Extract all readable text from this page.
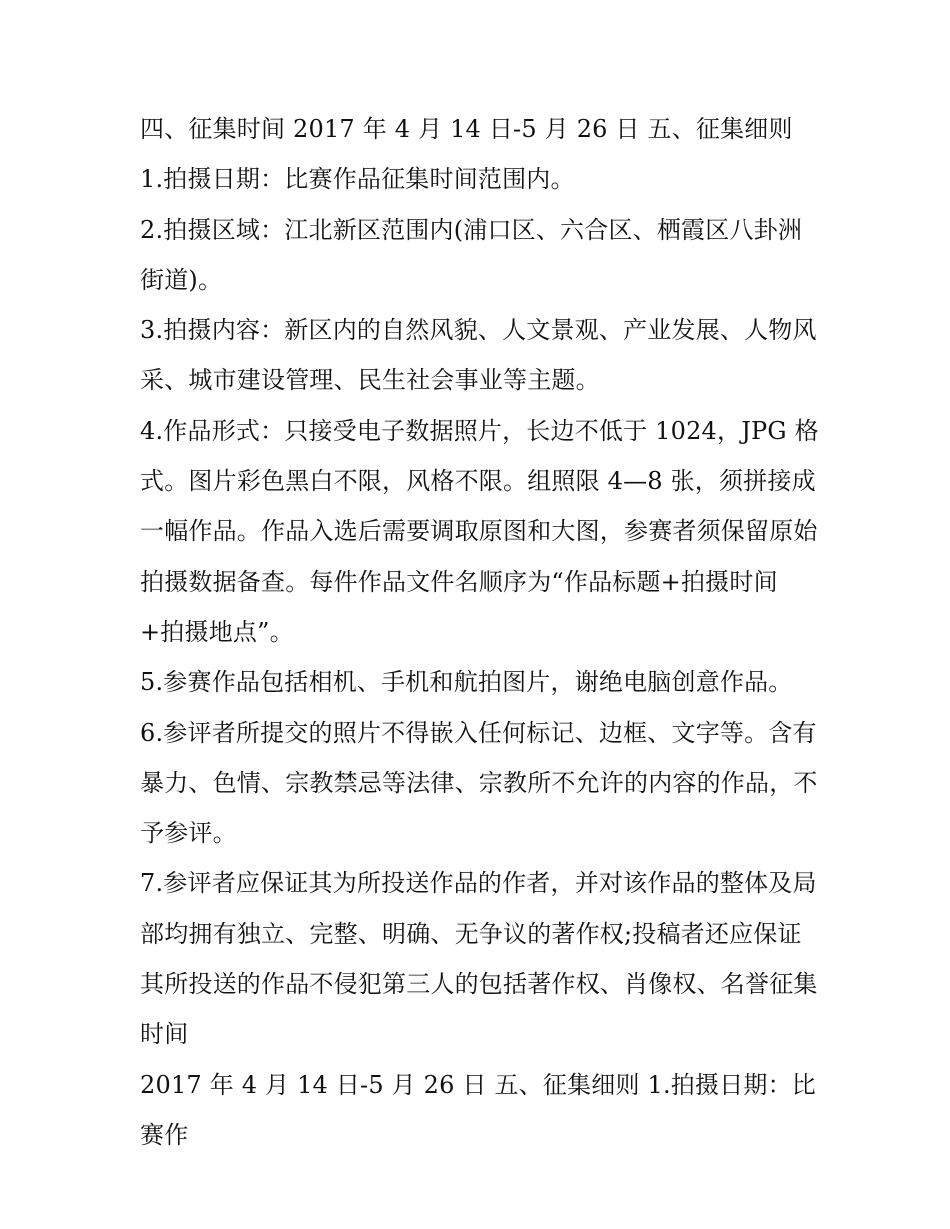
四、征集时间 2017 年 4 月 14 日-5 月 26 日 五、征集细则 1.拍摄日期：比赛作品征集时间范围内。

2.拍摄区域：江北新区范围内(浦口区、六合区、栖霞区八卦洲街道)。

3.拍摄内容：新区内的自然风貌、人文景观、产业发展、人物风采、城市建设管理、民生社会事业等主题。

4.作品形式：只接受电子数据照片，长边不低于 1024，JPG 格式。图片彩色黑白不限，风格不限。组照限 4—8 张，须拼接成一幅作品。作品入选后需要调取原图和大图，参赛者须保留原始拍摄数据备查。每件作品文件名顺序为“作品标题+拍摄时间+拍摄地点”。

5.参赛作品包括相机、手机和航拍图片，谢绝电脑创意作品。

6.参评者所提交的照片不得嵌入任何标记、边框、文字等。含有暴力、色情、宗教禁忌等法律、宗教所不允许的内容的作品，不予参评。

7.参评者应保证其为所投送作品的作者，并对该作品的整体及局部均拥有独立、完整、明确、无争议的著作权;投稿者还应保证其所投送的作品不侵犯第三人的包括著作权、肖像权、名誉征集时间

2017 年 4 月 14 日-5 月 26 日 五、征集细则 1.拍摄日期：比赛作
